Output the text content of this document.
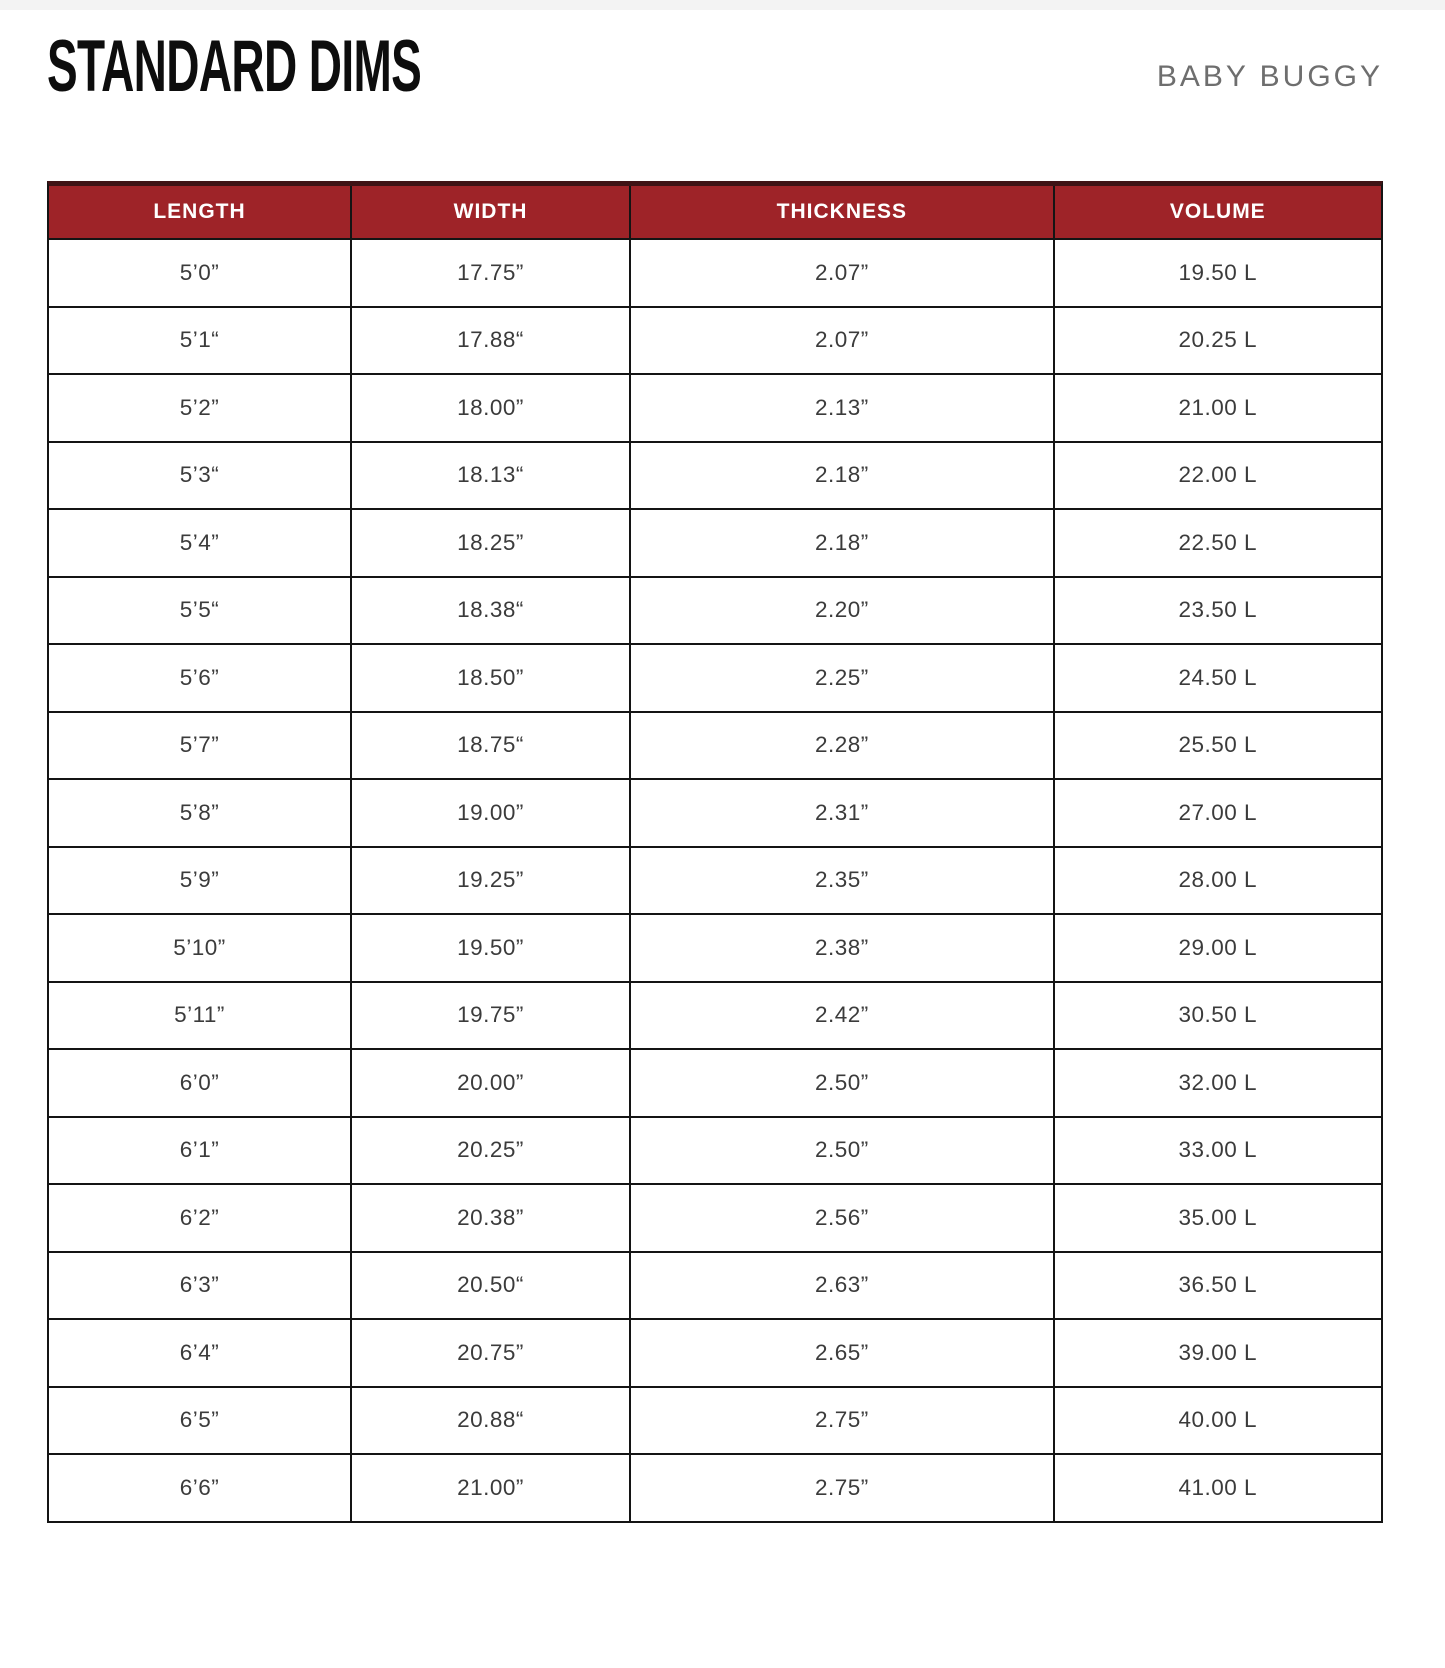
STANDARD DIMS	BABY BUGGY
LENGTH	WIDTH	THICKNESS	VOLUME
5’0”	17.75”	2.07”	19.50 L
5’1“	17.88“	2.07”	20.25 L
5’2”	18.00”	2.13”	21.00 L
5’3“	18.13“	2.18”	22.00 L
5’4”	18.25”	2.18”	22.50 L
5’5“	18.38“	2.20”	23.50 L
5’6”	18.50”	2.25”	24.50 L
5’7”	18.75“	2.28”	25.50 L
5’8”	19.00”	2.31”	27.00 L
5’9”	19.25”	2.35”	28.00 L
5’10”	19.50”	2.38”	29.00 L
5’11”	19.75”	2.42”	30.50 L
6’0”	20.00”	2.50”	32.00 L
6’1”	20.25”	2.50”	33.00 L
6’2”	20.38”	2.56”	35.00 L
6’3”	20.50“	2.63”	36.50 L
6’4”	20.75”	2.65”	39.00 L
6’5”	20.88“	2.75”	40.00 L
6’6”	21.00”	2.75”	41.00 L
